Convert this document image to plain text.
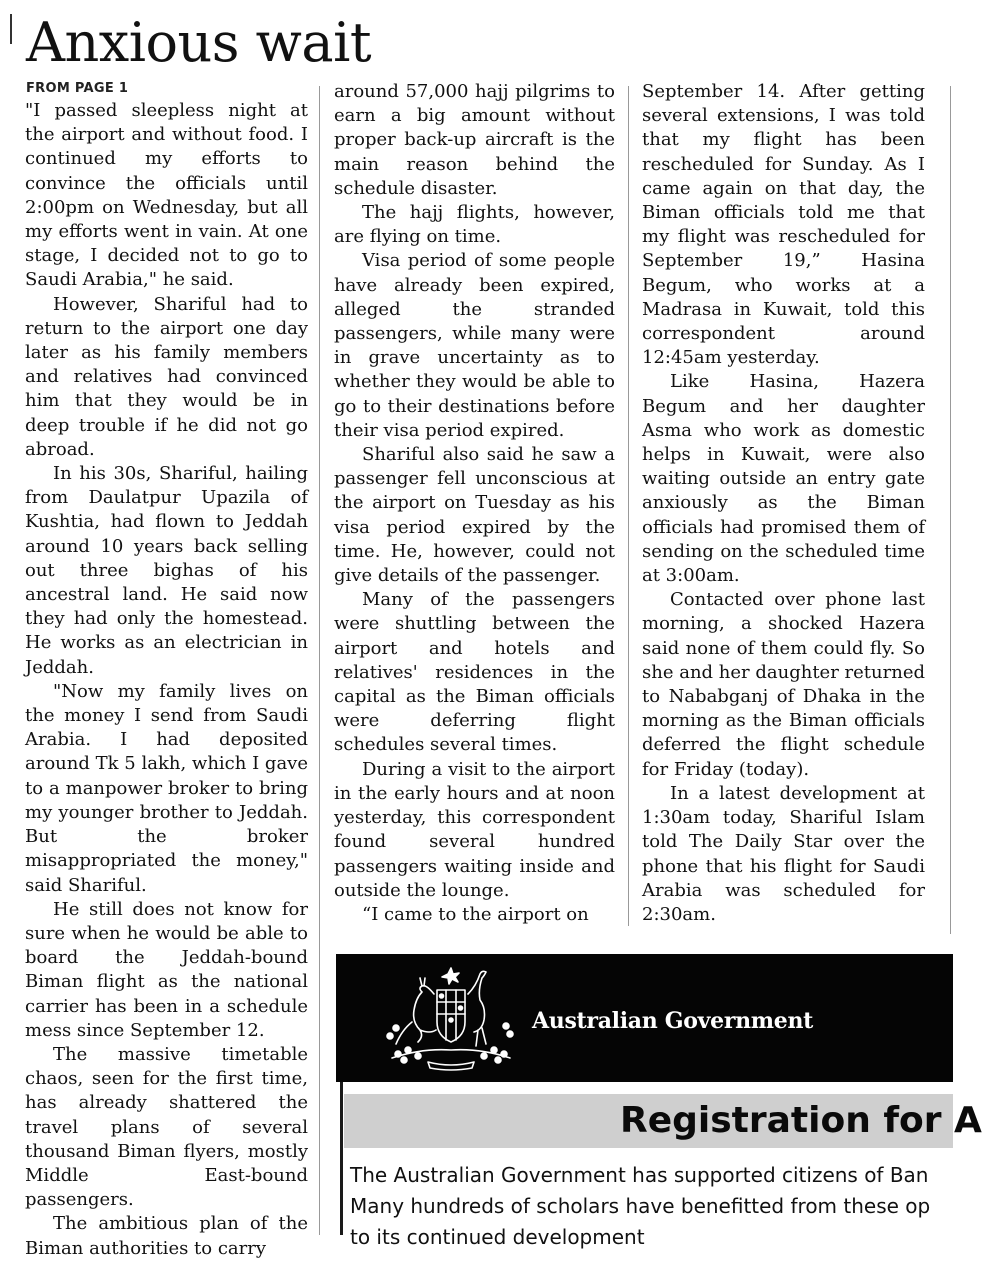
Anxious wait
FROM PAGE 1

"I passed sleepless night at the airport and without food. I continued my efforts to convince the officials until 2:00pm on Wednesday, but all my efforts went in vain. At one stage, I decided not to go to Saudi Arabia," he said.

However, Shariful had to return to the airport one day later as his family members and relatives had convinced him that they would be in deep trouble if he did not go abroad.

In his 30s, Shariful, hailing from Daulatpur Upazila of Kushtia, had flown to Jeddah around 10 years back selling out three bighas of his ancestral land. He said now they had only the homestead. He works as an electrician in Jeddah.

"Now my family lives on the money I send from Saudi Arabia. I had deposited around Tk 5 lakh, which I gave to a manpower broker to bring my younger brother to Jeddah. But the broker misappropriated the money," said Shariful.

He still does not know for sure when he would be able to board the Jeddah-bound Biman flight as the national carrier has been in a schedule mess since September 12.

The massive timetable chaos, seen for the first time, has already shattered the travel plans of several thousand Biman flyers, mostly Middle East-bound passengers.

The ambitious plan of the Biman authorities to carry

around 57,000 hajj pilgrims to earn a big amount without proper back-up aircraft is the main reason behind the schedule disaster.

The hajj flights, however, are flying on time.

Visa period of some people have already been expired, alleged the stranded passengers, while many were in grave uncertainty as to whether they would be able to go to their destinations before their visa period expired.

Shariful also said he saw a passenger fell unconscious at the airport on Tuesday as his visa period expired by the time. He, however, could not give details of the passenger.

Many of the passengers were shuttling between the airport and hotels and relatives' residences in the capital as the Biman officials were deferring flight schedules several times.

During a visit to the airport in the early hours and at noon yesterday, this correspondent found several hundred passengers waiting inside and outside the lounge.

“I came to the airport on

September 14. After getting several extensions, I was told that my flight has been rescheduled for Sunday. As I came again on that day, the Biman officials told me that my flight was rescheduled for September 19,” Hasina Begum, who works at a Madrasa in Kuwait, told this correspondent around 12:45am yesterday.

Like Hasina, Hazera Begum and her daughter Asma who work as domestic helps in Kuwait, were also waiting outside an entry gate anxiously as the Biman officials had promised them of sending on the scheduled time at 3:00am.

Contacted over phone last morning, a shocked Hazera said none of them could fly. So she and her daughter returned to Nababganj of Dhaka in the morning as the Biman officials deferred the flight schedule for Friday (today).

In a latest development at 1:30am today, Shariful Islam told The Daily Star over the phone that his flight for Saudi Arabia was scheduled for 2:30am.

Australian Government
Registration for A
The Australian Government has supported citizens of Ban
Many hundreds of scholars have benefitted from these op
to its continued development
